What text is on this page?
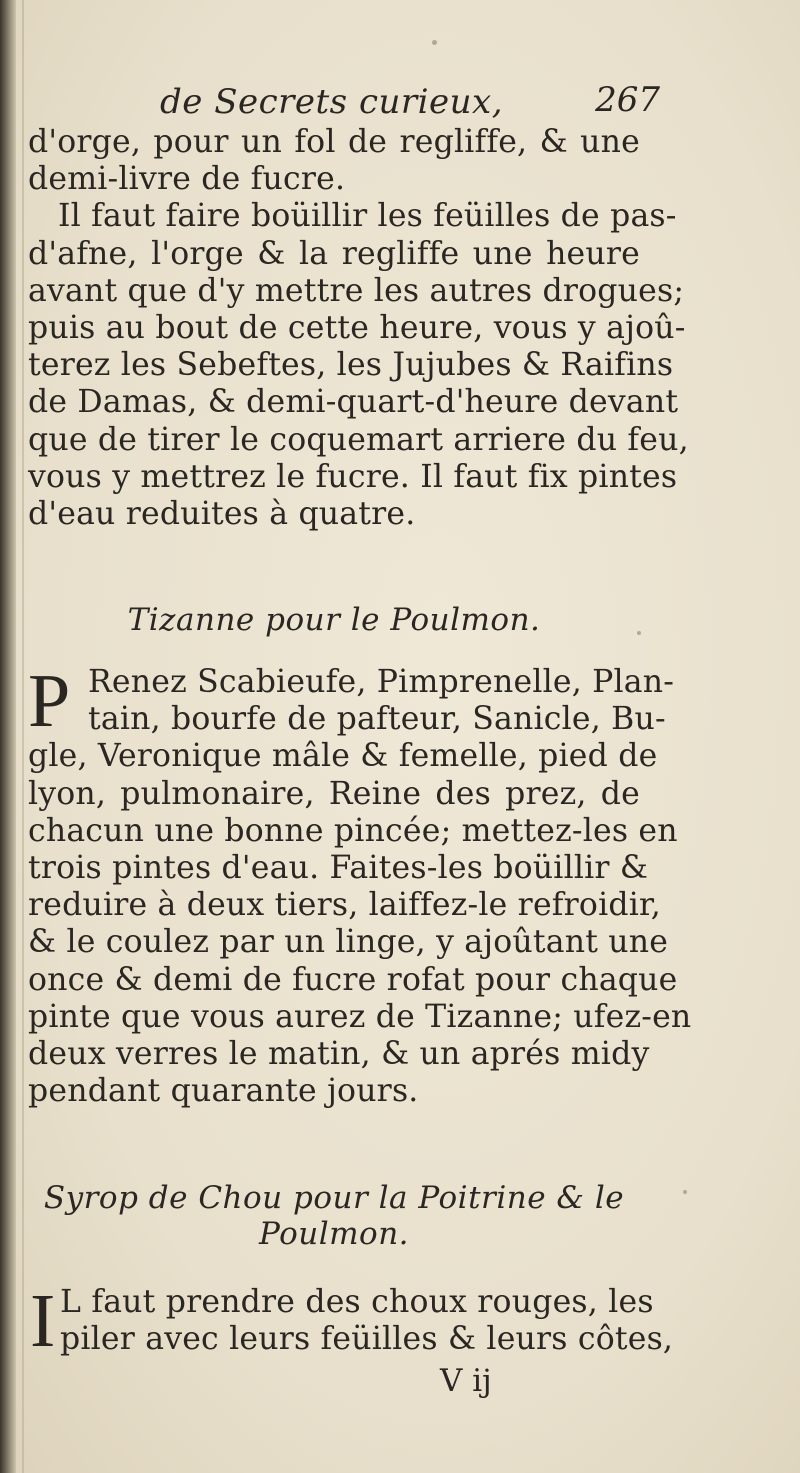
de Secrets curieux,	267
d'orge, pour un fol de regliffe, & une
demi-livre de fucre.
Il faut faire boüillir les feüilles de pas-
d'afne, l'orge & la regliffe une heure
avant que d'y mettre les autres drogues;
puis au bout de cette heure, vous y ajoû-
terez les Sebeftes, les Jujubes & Raifins
de Damas, & demi-quart-d'heure devant
que de tirer le coquemart arriere du feu,
vous y mettrez le fucre. Il faut fix pintes
d'eau reduites à quatre.
Tizanne pour le Poulmon.
P Renez Scabieufe, Pimprenelle, Plan-
tain, bourfe de pafteur, Sanicle, Bu-
gle, Veronique mâle & femelle, pied de
lyon, pulmonaire, Reine des prez, de
chacun une bonne pincée; mettez-les en
trois pintes d'eau. Faites-les boüillir &
reduire à deux tiers, laiffez-le refroidir,
& le coulez par un linge, y ajoûtant une
once & demi de fucre rofat pour chaque
pinte que vous aurez de Tizanne; ufez-en
deux verres le matin, & un aprés midy
pendant quarante jours.
Syrop de Chou pour la Poitrine & le
Poulmon.
I L faut prendre des choux rouges, les
piler avec leurs feüilles & leurs côtes,
V ij
